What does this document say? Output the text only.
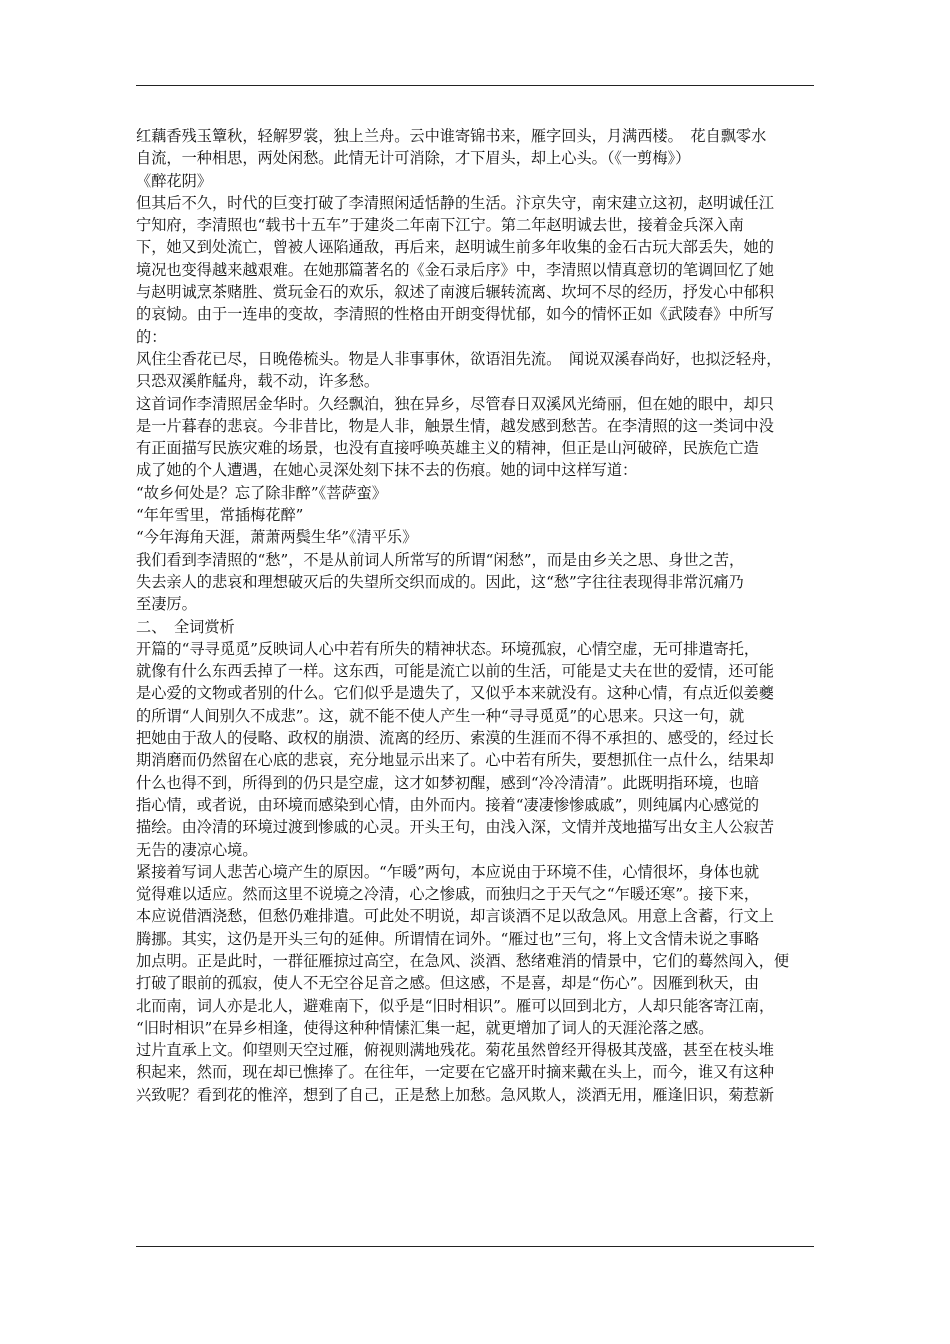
红藕香残玉簟秋，轻解罗裳，独上兰舟。云中谁寄锦书来，雁字回头，月满西楼。　花自飘零水
自流，一种相思，两处闲愁。此情无计可消除，才下眉头，却上心头。（《一剪梅》）
《醉花阴》
但其后不久，时代的巨变打破了李清照闲适恬静的生活。汴京失守，南宋建立这初，赵明诚任江
宁知府，李清照也“载书十五车”于建炎二年南下江宁。第二年赵明诚去世，接着金兵深入南
下，她又到处流亡，曾被人诬陷通敌，再后来，赵明诚生前多年收集的金石古玩大部丢失，她的
境况也变得越来越艰难。在她那篇著名的《金石录后序》中，李清照以情真意切的笔调回忆了她
与赵明诚烹茶赌胜、赏玩金石的欢乐，叙述了南渡后辗转流离、坎坷不尽的经历，抒发心中郁积
的哀恸。由于一连串的变故，李清照的性格由开朗变得忧郁，如今的情怀正如《武陵春》中所写
的：
风住尘香花已尽，日晚倦梳头。物是人非事事休，欲语泪先流。　闻说双溪春尚好，也拟泛轻舟，
只恐双溪舴艋舟，载不动，许多愁。
这首词作李清照居金华时。久经飘泊，独在异乡，尽管春日双溪风光绮丽，但在她的眼中，却只
是一片暮春的悲哀。今非昔比，物是人非，触景生情，越发感到愁苦。在李清照的这一类词中没
有正面描写民族灾难的场景，也没有直接呼唤英雄主义的精神，但正是山河破碎，民族危亡造
成了她的个人遭遇，在她心灵深处刻下抹不去的伤痕。她的词中这样写道：
“故乡何处是？忘了除非醉”《菩萨蛮》
“年年雪里，常插梅花醉”
“今年海角天涯，萧萧两鬓生华”《清平乐》
我们看到李清照的“愁”，不是从前词人所常写的所谓“闲愁”，而是由乡关之思、身世之苦，
失去亲人的悲哀和理想破灭后的失望所交织而成的。因此，这“愁”字往往表现得非常沉痛乃
至凄厉。
二、　全词赏析
开篇的“寻寻觅觅”反映词人心中若有所失的精神状态。环境孤寂，心情空虚，无可排遣寄托，
就像有什么东西丢掉了一样。这东西，可能是流亡以前的生活，可能是丈夫在世的爱情，还可能
是心爱的文物或者别的什么。它们似乎是遗失了，又似乎本来就没有。这种心情，有点近似姜夔
的所谓“人间别久不成悲”。这，就不能不使人产生一种“寻寻觅觅”的心思来。只这一句，就
把她由于敌人的侵略、政权的崩溃、流离的经历、索漠的生涯而不得不承担的、感受的，经过长
期消磨而仍然留在心底的悲哀，充分地显示出来了。心中若有所失，要想抓住一点什么，结果却
什么也得不到，所得到的仍只是空虚，这才如梦初醒，感到“冷冷清清”。此既明指环境，也暗
指心情，或者说，由环境而感染到心情，由外而内。接着“凄凄惨惨戚戚”，则纯属内心感觉的
描绘。由冷清的环境过渡到惨戚的心灵。开头王句，由浅入深，文情并茂地描写出女主人公寂苦
无告的凄凉心境。
紧接着写词人悲苦心境产生的原因。“乍暖”两句，本应说由于环境不佳，心情很坏，身体也就
觉得难以适应。然而这里不说境之冷清，心之惨戚，而独归之于天气之“乍暖还寒”。接下来，
本应说借酒浇愁，但愁仍难排遣。可此处不明说，却言谈酒不足以敌急风。用意上含蓄，行文上
腾挪。其实，这仍是开头三句的延伸。所谓情在词外。“雁过也”三句，将上文含情未说之事略
加点明。正是此时，一群征雁掠过高空，在急风、淡酒、愁绪难消的情景中，它们的蓦然闯入，便
打破了眼前的孤寂，使人不无空谷足音之感。但这感，不是喜，却是“伤心”。因雁到秋天，由
北而南，词人亦是北人，避难南下，似乎是“旧时相识”。雁可以回到北方，人却只能客寄江南，
“旧时相识”在异乡相逢，使得这种种情愫汇集一起，就更增加了词人的天涯沦落之感。
过片直承上文。仰望则天空过雁，俯视则满地残花。菊花虽然曾经开得极其茂盛，甚至在枝头堆
积起来，然而，现在却已憔捧了。在往年，一定要在它盛开时摘来戴在头上，而今，谁又有这种
兴致呢？看到花的惟淬，想到了自己，正是愁上加愁。急风欺人，淡酒无用，雁逢旧识，菊惹新
